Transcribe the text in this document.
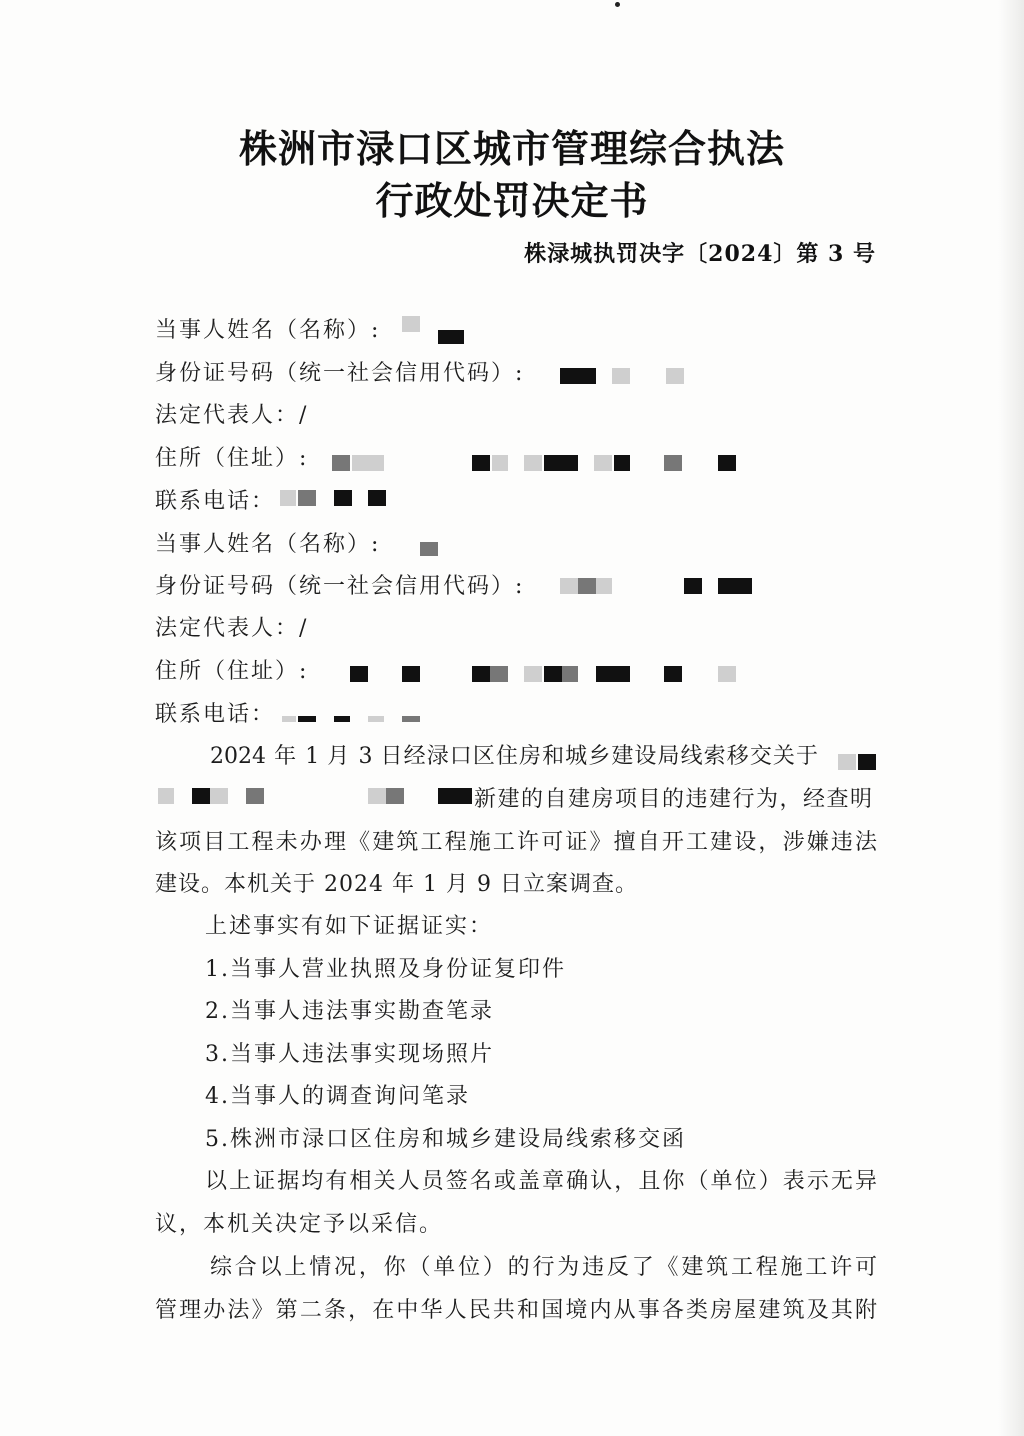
株洲市渌口区城市管理综合执法
行政处罚决定书
株渌城执罚决字〔2024〕第 3 号
当事人姓名（名称）:
身份证号码（统一社会信用代码）:
法定代表人：/
住所（住址）:
联系电话：
当事人姓名（名称）:
身份证号码（统一社会信用代码）:
法定代表人：/
住所（住址）:
联系电话：
2024 年 1 月 3 日经渌口区住房和城乡建设局线索移交关于
新建的自建房项目的违建行为，经查明
该项目工程未办理《建筑工程施工许可证》擅自开工建设，涉嫌违法
建设。本机关于 2024 年 1 月 9 日立案调查。
上述事实有如下证据证实：
1.当事人营业执照及身份证复印件
2.当事人违法事实勘查笔录
3.当事人违法事实现场照片
4.当事人的调查询问笔录
5.株洲市渌口区住房和城乡建设局线索移交函
以上证据均有相关人员签名或盖章确认，且你（单位）表示无异
议，本机关决定予以采信。
综合以上情况，你（单位）的行为违反了《建筑工程施工许可
管理办法》第二条，在中华人民共和国境内从事各类房屋建筑及其附
